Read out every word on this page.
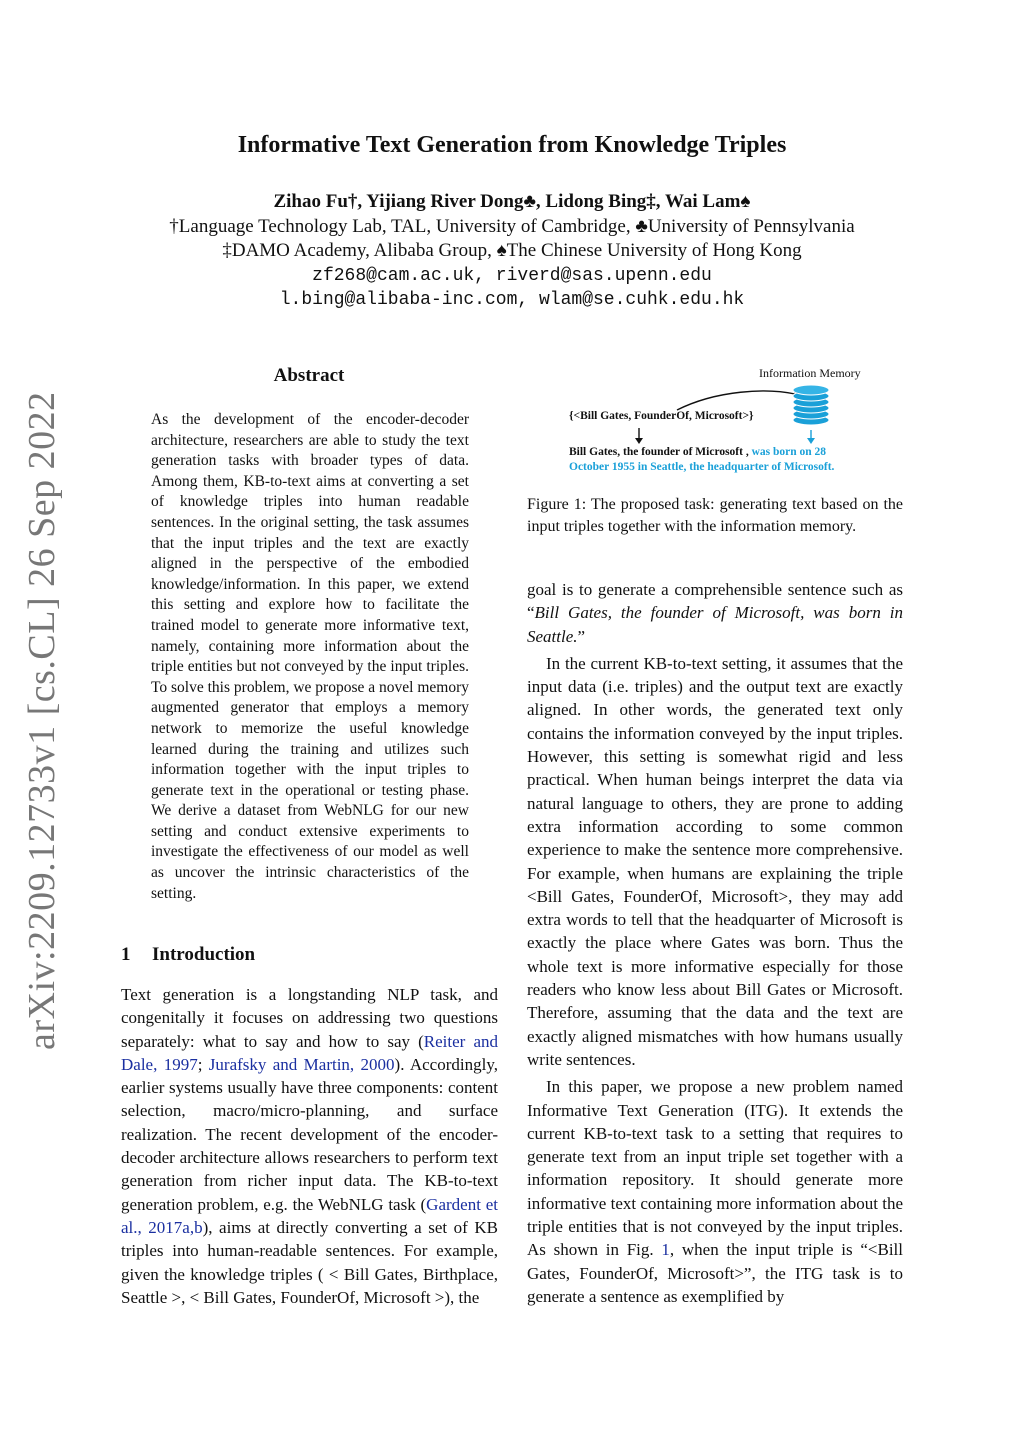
arXiv:2209.12733v1 [cs.CL] 26 Sep 2022
Informative Text Generation from Knowledge Triples
Zihao Fu†, Yijiang River Dong♣, Lidong Bing‡, Wai Lam♠
†Language Technology Lab, TAL, University of Cambridge, ♣University of Pennsylvania
‡DAMO Academy, Alibaba Group, ♠The Chinese University of Hong Kong
zf268@cam.ac.uk, riverd@sas.upenn.edu
l.bing@alibaba-inc.com, wlam@se.cuhk.edu.hk
Abstract
As the development of the encoder-decoder architecture, researchers are able to study the text generation tasks with broader types of data. Among them, KB-to-text aims at converting a set of knowledge triples into human readable sentences. In the original setting, the task assumes that the input triples and the text are exactly aligned in the perspective of the embodied knowledge/information. In this paper, we extend this setting and explore how to facilitate the trained model to generate more informative text, namely, containing more information about the triple entities but not conveyed by the input triples. To solve this problem, we propose a novel memory augmented generator that employs a memory network to memorize the useful knowledge learned during the training and utilizes such information together with the input triples to generate text in the operational or testing phase. We derive a dataset from WebNLG for our new setting and conduct extensive experiments to investigate the effectiveness of our model as well as uncover the intrinsic characteristics of the setting.
1 Introduction
Text generation is a longstanding NLP task, and congenitally it focuses on addressing two questions separately: what to say and how to say (Reiter and Dale, 1997; Jurafsky and Martin, 2000). Accordingly, earlier systems usually have three components: content selection, macro/micro-planning, and surface realization. The recent development of the encoder-decoder architecture allows researchers to perform text generation from richer input data. The KB-to-text generation problem, e.g. the WebNLG task (Gardent et al., 2017a,b), aims at directly converting a set of KB triples into human-readable sentences. For example, given the knowledge triples ( < Bill Gates, Birthplace, Seattle >, < Bill Gates, FounderOf, Microsoft >), the
Information Memory
{<Bill Gates, FounderOf, Microsoft>}
Bill Gates, the founder of Microsoft , was born on 28
October 1955 in Seattle, the headquarter of Microsoft.
Figure 1: The proposed task: generating text based on the input triples together with the information memory.

goal is to generate a comprehensible sentence such as “Bill Gates, the founder of Microsoft, was born in Seattle.”

In the current KB-to-text setting, it assumes that the input data (i.e. triples) and the output text are exactly aligned. In other words, the generated text only contains the information conveyed by the input triples. However, this setting is somewhat rigid and less practical. When human beings interpret the data via natural language to others, they are prone to adding extra information according to some common experience to make the sentence more comprehensive. For example, when humans are explaining the triple <Bill Gates, FounderOf, Microsoft>, they may add extra words to tell that the headquarter of Microsoft is exactly the place where Gates was born. Thus the whole text is more informative especially for those readers who know less about Bill Gates or Microsoft. Therefore, assuming that the data and the text are exactly aligned mismatches with how humans usually write sentences.

In this paper, we propose a new problem named Informative Text Generation (ITG). It extends the current KB-to-text task to a setting that requires to generate text from an input triple set together with a information repository. It should generate more informative text containing more information about the triple entities that is not conveyed by the input triples. As shown in Fig. 1, when the input triple is “<Bill Gates, FounderOf, Microsoft>”, the ITG task is to generate a sentence as exemplified by
